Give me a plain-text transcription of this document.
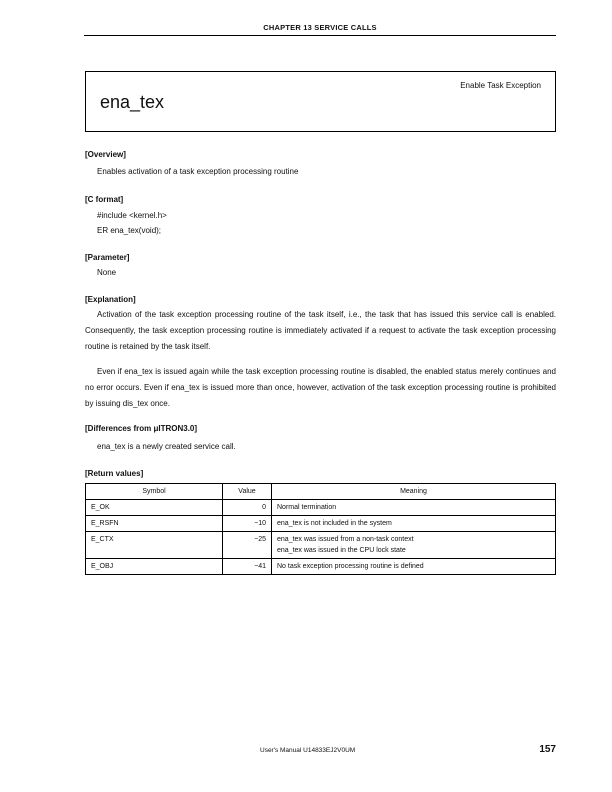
CHAPTER 13 SERVICE CALLS
ena_tex
Enable Task Exception
[Overview]
Enables activation of a task exception processing routine
[C format]
#include <kernel.h>
ER ena_tex(void);
[Parameter]
None
[Explanation]
Activation of the task exception processing routine of the task itself, i.e., the task that has issued this service call is enabled. Consequently, the task exception processing routine is immediately activated if a request to activate the task exception processing routine is retained by the task itself.
Even if ena_tex is issued again while the task exception processing routine is disabled, the enabled status merely continues and no error occurs. Even if ena_tex is issued more than once, however, activation of the task exception processing routine is prohibited by issuing dis_tex once.
[Differences from μITRON3.0]
ena_tex is a newly created service call.
[Return values]
Symbol	Value	Meaning
E_OK	0	Normal termination

E_RSFN	−10	ena_tex is not included in the system

E_CTX	−25	ena_tex was issued from a non-task context
ena_tex was issued in the CPU lock state

E_OBJ	−41	No task exception processing routine is defined
User's Manual U14833EJ2V0UM	157
